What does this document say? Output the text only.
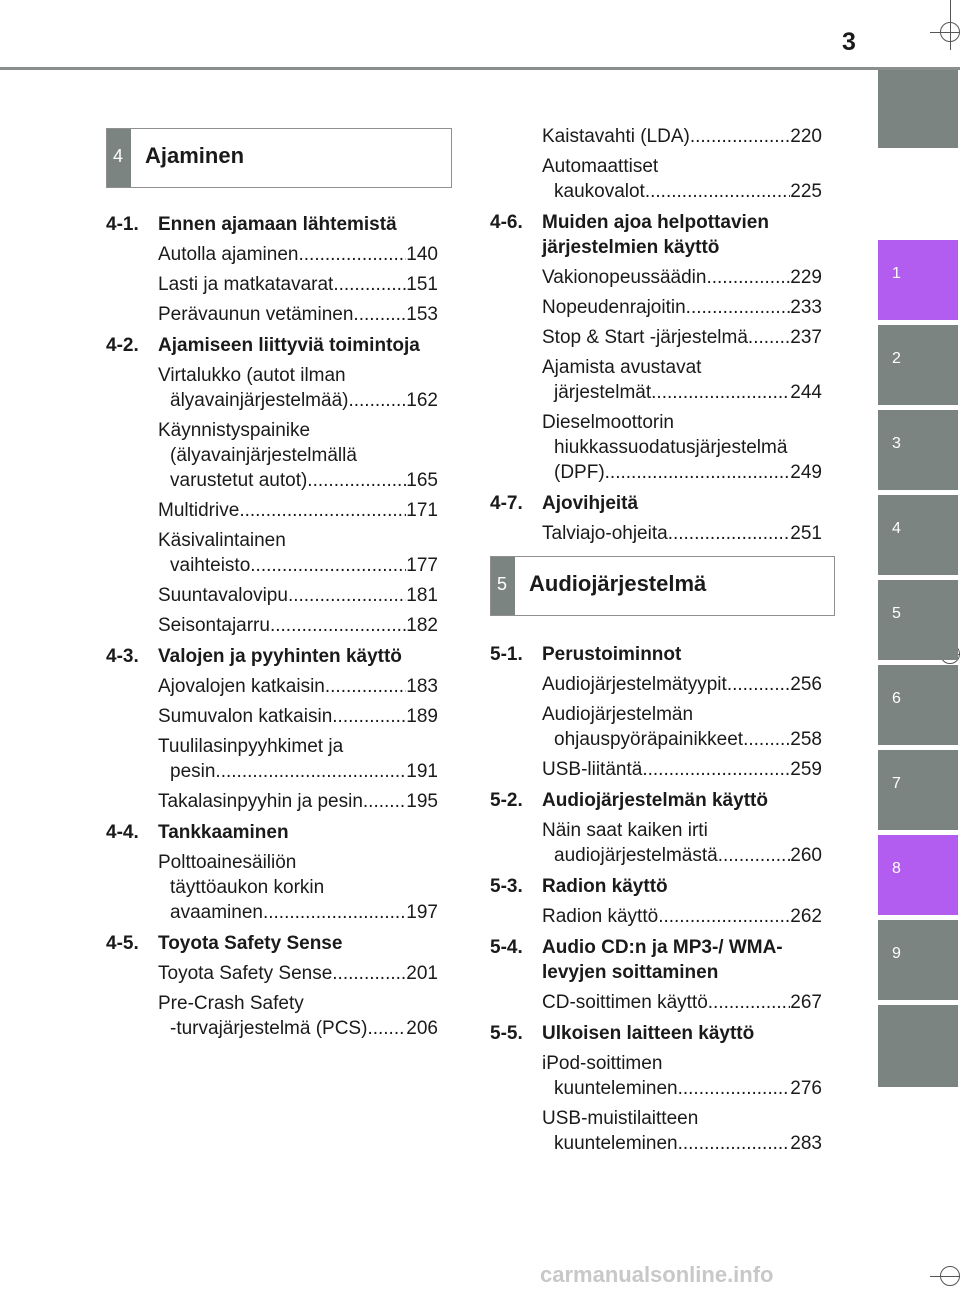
3
1
2
3
4
5
6
7
8
9
4 Ajaminen
4-1.	Ennen ajamaan lähtemistä
Autolla ajaminen .....	140
Lasti ja matkatavarat .....	151
Perävaunun vetäminen .....	153
4-2.	Ajamiseen liittyviä toimintoja
Virtalukko (autot ilman
älyavainjärjestelmää) .....	162
Käynnistyspainike
(älyavainjärjestelmällä
varustetut autot) .....	165
Multidrive .....	171
Käsivalintainen
vaihteisto .....	177
Suuntavalovipu .....	181
Seisontajarru .....	182
4-3.	Valojen ja pyyhinten käyttö
Ajovalojen katkaisin .....	183
Sumuvalon katkaisin .....	189
Tuulilasinpyyhkimet ja
pesin .....	191
Takalasinpyyhin ja pesin ..... 195
4-4.	Tankkaaminen
Polttoainesäiliön
täyttöaukon korkin
avaaminen .....	197
4-5.	Toyota Safety Sense
Toyota Safety Sense .....	201
Pre-Crash Safety
-turvajärjestelmä (PCS) ..... 206
Kaistavahti (LDA) .....	220
Automaattiset
kaukovalot .....	225
4-6.	Muiden ajoa helpottavien järjestelmien käyttö
Vakionopeussäädin .....	229
Nopeudenrajoitin .....	233
Stop & Start -järjestelmä ..... 237
Ajamista avustavat
järjestelmät .....	244
Dieselmoottorin
hiukkassuodatusjärjestelmä
(DPF) .....	249
4-7.	Ajovihjeitä
Talviajo-ohjeita .....	251
5 Audiojärjestelmä
5-1.	Perustoiminnot
Audiojärjestelmätyypit .....	256
Audiojärjestelmän
ohjauspyöräpainikkeet ..... 258
USB-liitäntä .....	259
5-2.	Audiojärjestelmän käyttö
Näin saat kaiken irti
audiojärjestelmästä .....	260
5-3.	Radion käyttö
Radion käyttö .....	262
5-4.	Audio CD:n ja MP3-/ WMA-levyjen soittaminen
CD-soittimen käyttö .....	267
5-5.	Ulkoisen laitteen käyttö
iPod-soittimen
kuunteleminen .....	276
USB-muistilaitteen
kuunteleminen .....	283
carmanualsonline.info
